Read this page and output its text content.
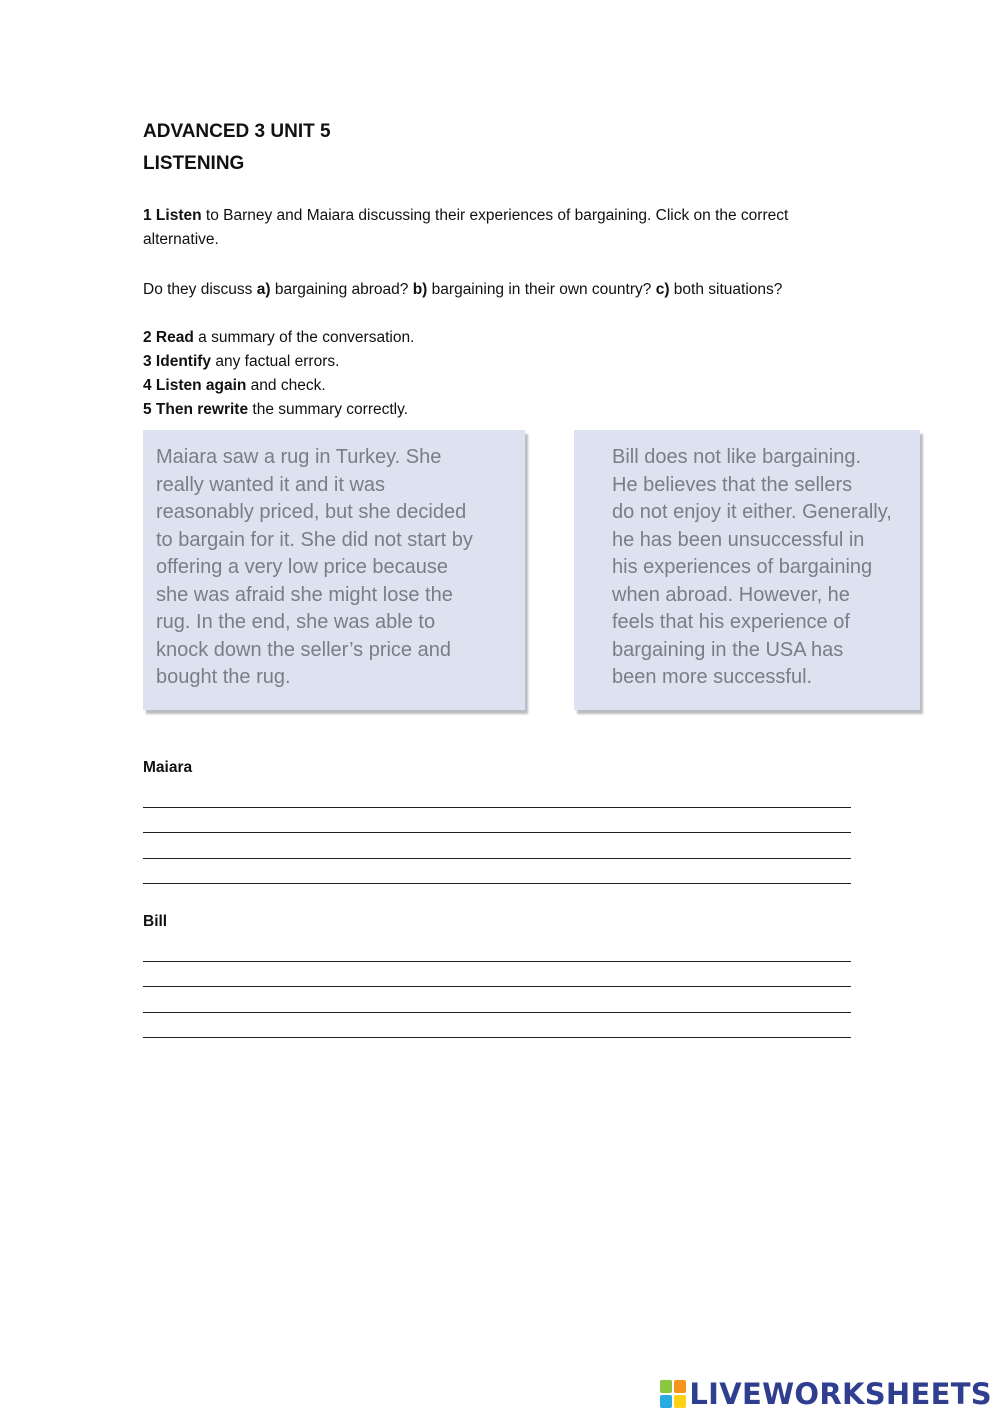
ADVANCED 3 UNIT 5
LISTENING
1 Listen to Barney and Maiara discussing their experiences of bargaining. Click on the correct alternative.
Do they discuss a) bargaining abroad? b) bargaining in their own country? c) both situations?
2 Read a summary of the conversation.
3 Identify any factual errors.
4 Listen again and check.
5 Then rewrite the summary correctly.

Maiara saw a rug in Turkey. She

really wanted it and it was

reasonably priced, but she decided

to bargain for it. She did not start by

offering a very low price because

she was afraid she might lose the

rug. In the end, she was able to

knock down the seller’s price and

bought the rug.

Bill does not like bargaining.

He believes that the sellers

do not enjoy it either. Generally,

he has been unsuccessful in

his experiences of bargaining

when abroad. However, he

feels that his experience of

bargaining in the USA has

been more successful.

Maiara
Bill
LIVEWORKSHEETS
